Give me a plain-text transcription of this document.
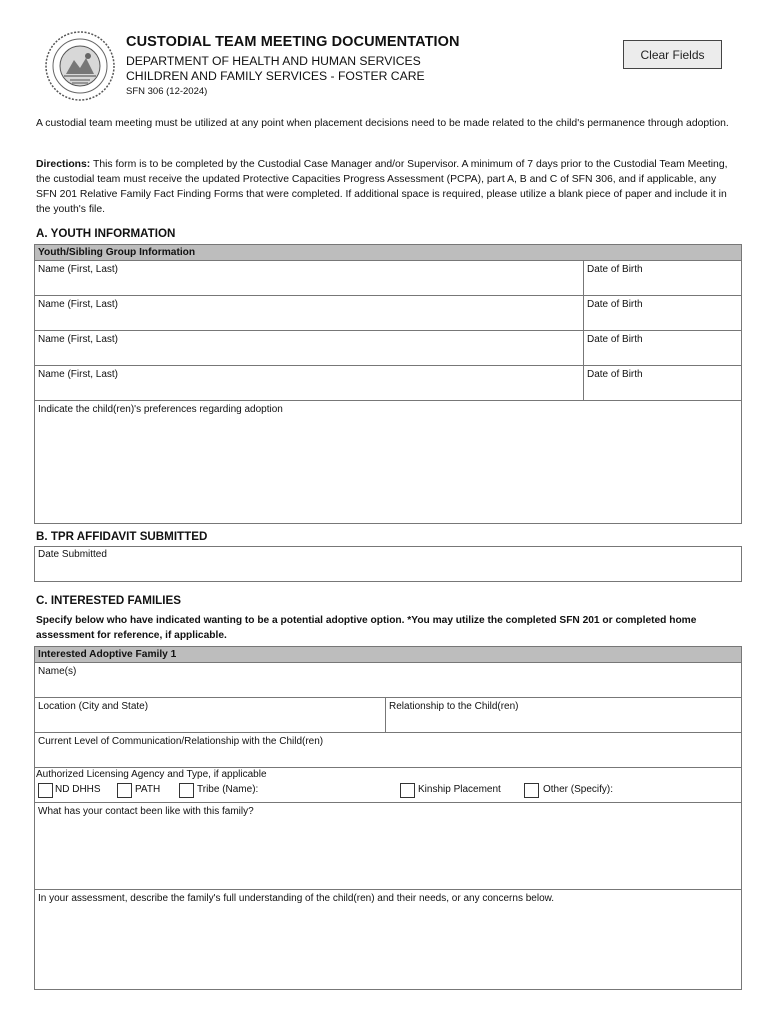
CUSTODIAL TEAM MEETING DOCUMENTATION
DEPARTMENT OF HEALTH AND HUMAN SERVICES
CHILDREN AND FAMILY SERVICES - FOSTER CARE
SFN 306 (12-2024)
Clear Fields
A custodial team meeting must be utilized at any point when placement decisions need to be made related to the child's permanence through adoption.
Directions: This form is to be completed by the Custodial Case Manager and/or Supervisor. A minimum of 7 days prior to the Custodial Team Meeting, the custodial team must receive the updated Protective Capacities Progress Assessment (PCPA), part A, B and C of SFN 306, and if applicable, any SFN 201 Relative Family Fact Finding Forms that were completed. If additional space is required, please utilize a blank piece of paper and include it in the youth's file.
A. YOUTH INFORMATION
Youth/Sibling Group Information
Name (First, Last)	Date of Birth
Name (First, Last)	Date of Birth
Name (First, Last)	Date of Birth
Name (First, Last)	Date of Birth
Indicate the child(ren)'s preferences regarding adoption
B. TPR AFFIDAVIT SUBMITTED
Date Submitted
C. INTERESTED FAMILIES
Specify below who have indicated wanting to be a potential adoptive option. *You may utilize the completed SFN 201 or completed home assessment for reference, if applicable.
Interested Adoptive Family 1
Name(s)
Location (City and State)	Relationship to the Child(ren)
Current Level of Communication/Relationship with the Child(ren)
Authorized Licensing Agency and Type, if applicable
ND DHHS	PATH	Tribe (Name):	Kinship Placement	Other (Specify):
What has your contact been like with this family?
In your assessment, describe the family's full understanding of the child(ren) and their needs, or any concerns below.
